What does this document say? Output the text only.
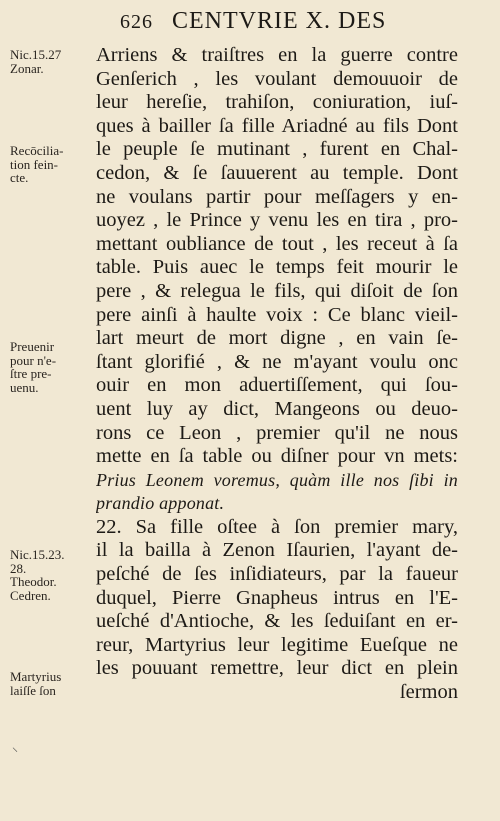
626 CENTVRIE X. DES
Arriens & traiſtres en la guerre contre
Genſerich , les voulant demouuoir de
leur hereſie, trahiſon, coniuration, iuſ-
ques à bailler ſa fille Ariadné au fils Dont
le peuple ſe mutinant , furent en Chal-
cedon, & ſe ſauuerent au temple. Dont
ne voulans partir pour meſſagers y en-
uoyez , le Prince y venu les en tira , pro-
mettant oubliance de tout , les receut à ſa
table. Puis auec le temps feit mourir le
pere , & relegua le fils, qui diſoit de ſon
pere ainſi à haulte voix : Ce blanc vieil-
lart meurt de mort digne , en vain ſe-
ſtant glorifié , & ne m'ayant voulu onc
ouir en mon aduertiſſement, qui ſou-
uent luy ay dict, Mangeons ou deuo-
rons ce Leon , premier qu'il ne nous
mette en ſa table ou diſner pour vn mets:
Prius Leonem voremus, quàm ille nos ſibi in
prandio apponat.
22. Sa fille oſtee à ſon premier mary,
il la bailla à Zenon Iſaurien, l'ayant de-
peſché de ſes inſidiateurs, par la faueur
duquel, Pierre Gnapheus intrus en l'E-
ueſché d'Antioche, & les ſeduiſant en er-
reur, Martyrius leur legitime Eueſque ne
les pouuant remettre, leur dict en plein
ſermon
Nic.15.27
Zonar.
Recōcilia-
tion fein-
cte.
Preuenir
pour n'e-
ſtre pre-
uenu.
Nic.15.23.
28.
Theodor.
Cedren.
Martyrius
laiſſe ſon
⸜
